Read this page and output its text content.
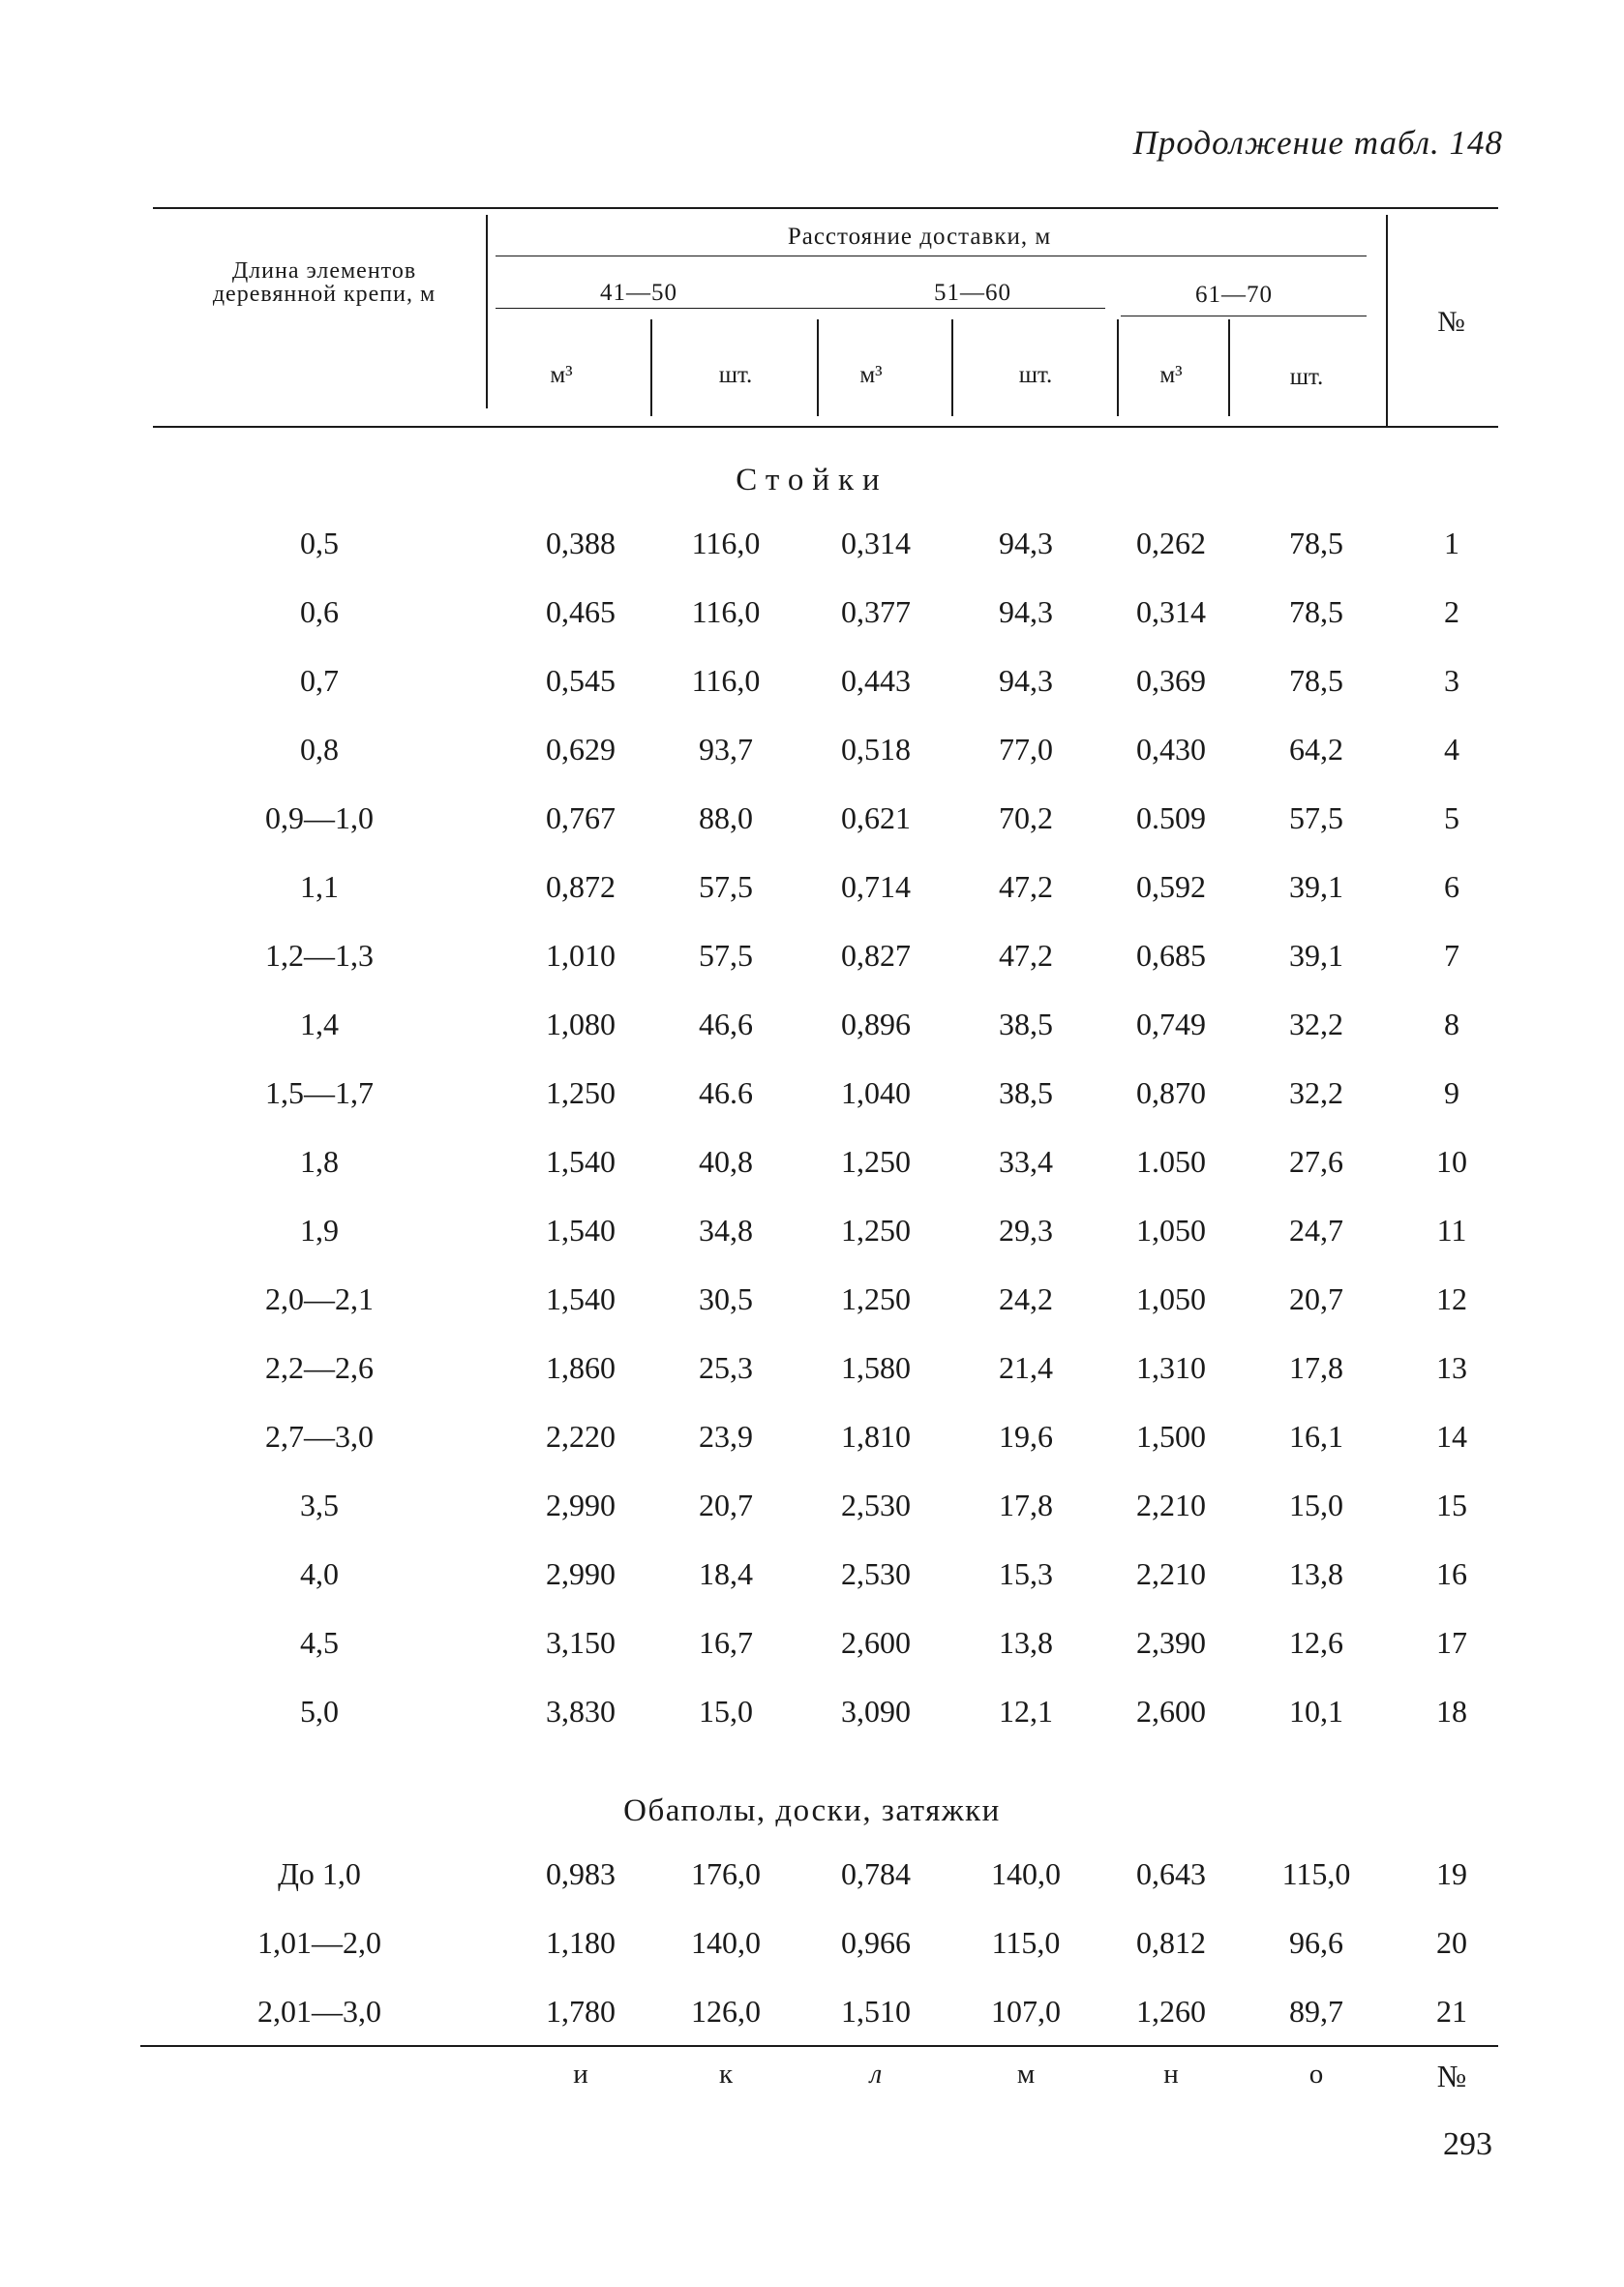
Продолжение табл. 148
Длина элементов деревянной крепи, м
Расстояние доставки, м
41—50	51—60	61—70
м³	шт.	м³	шт.	м³	шт.
№
Стойки
0,5	0,388	116,0	0,314	94,3	0,262	78,5	1
0,6	0,465	116,0	0,377	94,3	0,314	78,5	2
0,7	0,545	116,0	0,443	94,3	0,369	78,5	3
0,8	0,629	93,7	0,518	77,0	0,430	64,2	4
0,9—1,0	0,767	88,0	0,621	70,2	0.509	57,5	5
1,1	0,872	57,5	0,714	47,2	0,592	39,1	6
1,2—1,3	1,010	57,5	0,827	47,2	0,685	39,1	7
1,4	1,080	46,6	0,896	38,5	0,749	32,2	8
1,5—1,7	1,250	46.6	1,040	38,5	0,870	32,2	9
1,8	1,540	40,8	1,250	33,4	1.050	27,6	10
1,9	1,540	34,8	1,250	29,3	1,050	24,7	11
2,0—2,1	1,540	30,5	1,250	24,2	1,050	20,7	12
2,2—2,6	1,860	25,3	1,580	21,4	1,310	17,8	13
2,7—3,0	2,220	23,9	1,810	19,6	1,500	16,1	14
3,5	2,990	20,7	2,530	17,8	2,210	15,0	15
4,0	2,990	18,4	2,530	15,3	2,210	13,8	16
4,5	3,150	16,7	2,600	13,8	2,390	12,6	17
5,0	3,830	15,0	3,090	12,1	2,600	10,1	18
До 1,0	0,983	176,0	0,784	140,0	0,643	115,0	19
1,01—2,0	1,180	140,0	0,966	115,0	0,812	96,6	20
2,01—3,0	1,780	126,0	1,510	107,0	1,260	89,7	21
Обаполы, доски, затяжки
и	к	л	м	н	о	№
293
